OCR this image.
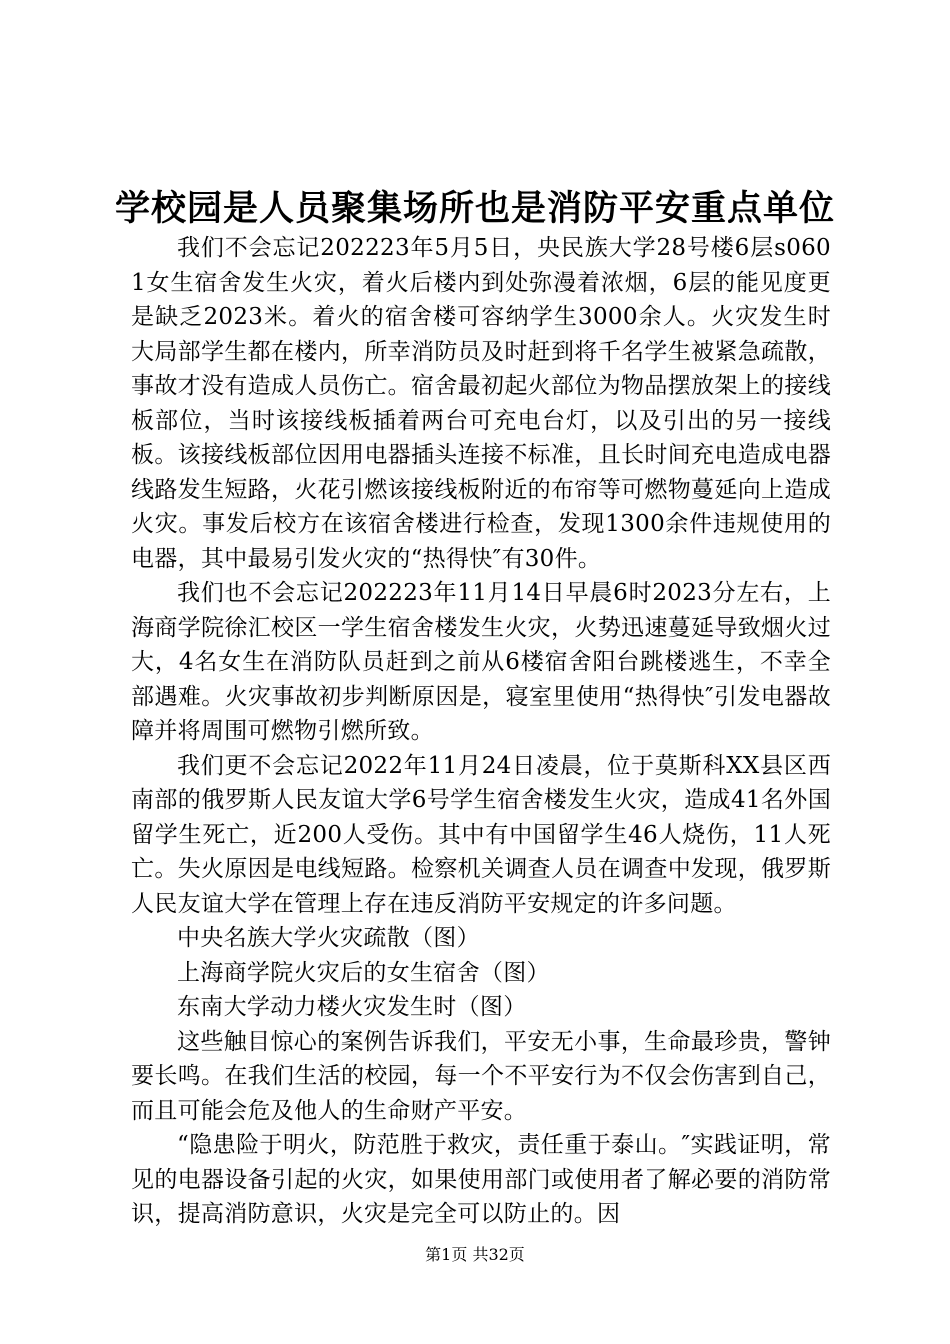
学校园是人员聚集场所也是消防平安重点单位

我们不会忘记202223年5月5日，央民族大学28号楼6层s0601女生宿舍发生火灾，着火后楼内到处弥漫着浓烟，6层的能见度更是缺乏2023米。着火的宿舍楼可容纳学生3000余人。火灾发生时大局部学生都在楼内，所幸消防员及时赶到将千名学生被紧急疏散，事故才没有造成人员伤亡。宿舍最初起火部位为物品摆放架上的接线板部位，当时该接线板插着两台可充电台灯，以及引出的另一接线板。该接线板部位因用电器插头连接不标准，且长时间充电造成电器线路发生短路，火花引燃该接线板附近的布帘等可燃物蔓延向上造成火灾。事发后校方在该宿舍楼进行检查，发现1300余件违规使用的电器，其中最易引发火灾的“热得快″有30件。

我们也不会忘记202223年11月14日早晨6时2023分左右，上海商学院徐汇校区一学生宿舍楼发生火灾，火势迅速蔓延导致烟火过大，4名女生在消防队员赶到之前从6楼宿舍阳台跳楼逃生，不幸全部遇难。火灾事故初步判断原因是，寝室里使用“热得快″引发电器故障并将周围可燃物引燃所致。

我们更不会忘记2022年11月24日凌晨，位于莫斯科XX县区西南部的俄罗斯人民友谊大学6号学生宿舍楼发生火灾，造成41名外国留学生死亡，近200人受伤。其中有中国留学生46人烧伤，11人死亡。失火原因是电线短路。检察机关调查人员在调查中发现，俄罗斯人民友谊大学在管理上存在违反消防平安规定的许多问题。

中央名族大学火灾疏散（图）

上海商学院火灾后的女生宿舍（图）

东南大学动力楼火灾发生时（图）

这些触目惊心的案例告诉我们，平安无小事，生命最珍贵，警钟要长鸣。在我们生活的校园，每一个不平安行为不仅会伤害到自己，而且可能会危及他人的生命财产平安。

“隐患险于明火，防范胜于救灾，责任重于泰山。″实践证明，常见的电器设备引起的火灾，如果使用部门或使用者了解必要的消防常识，提高消防意识，火灾是完全可以防止的。因

第1页 共32页
